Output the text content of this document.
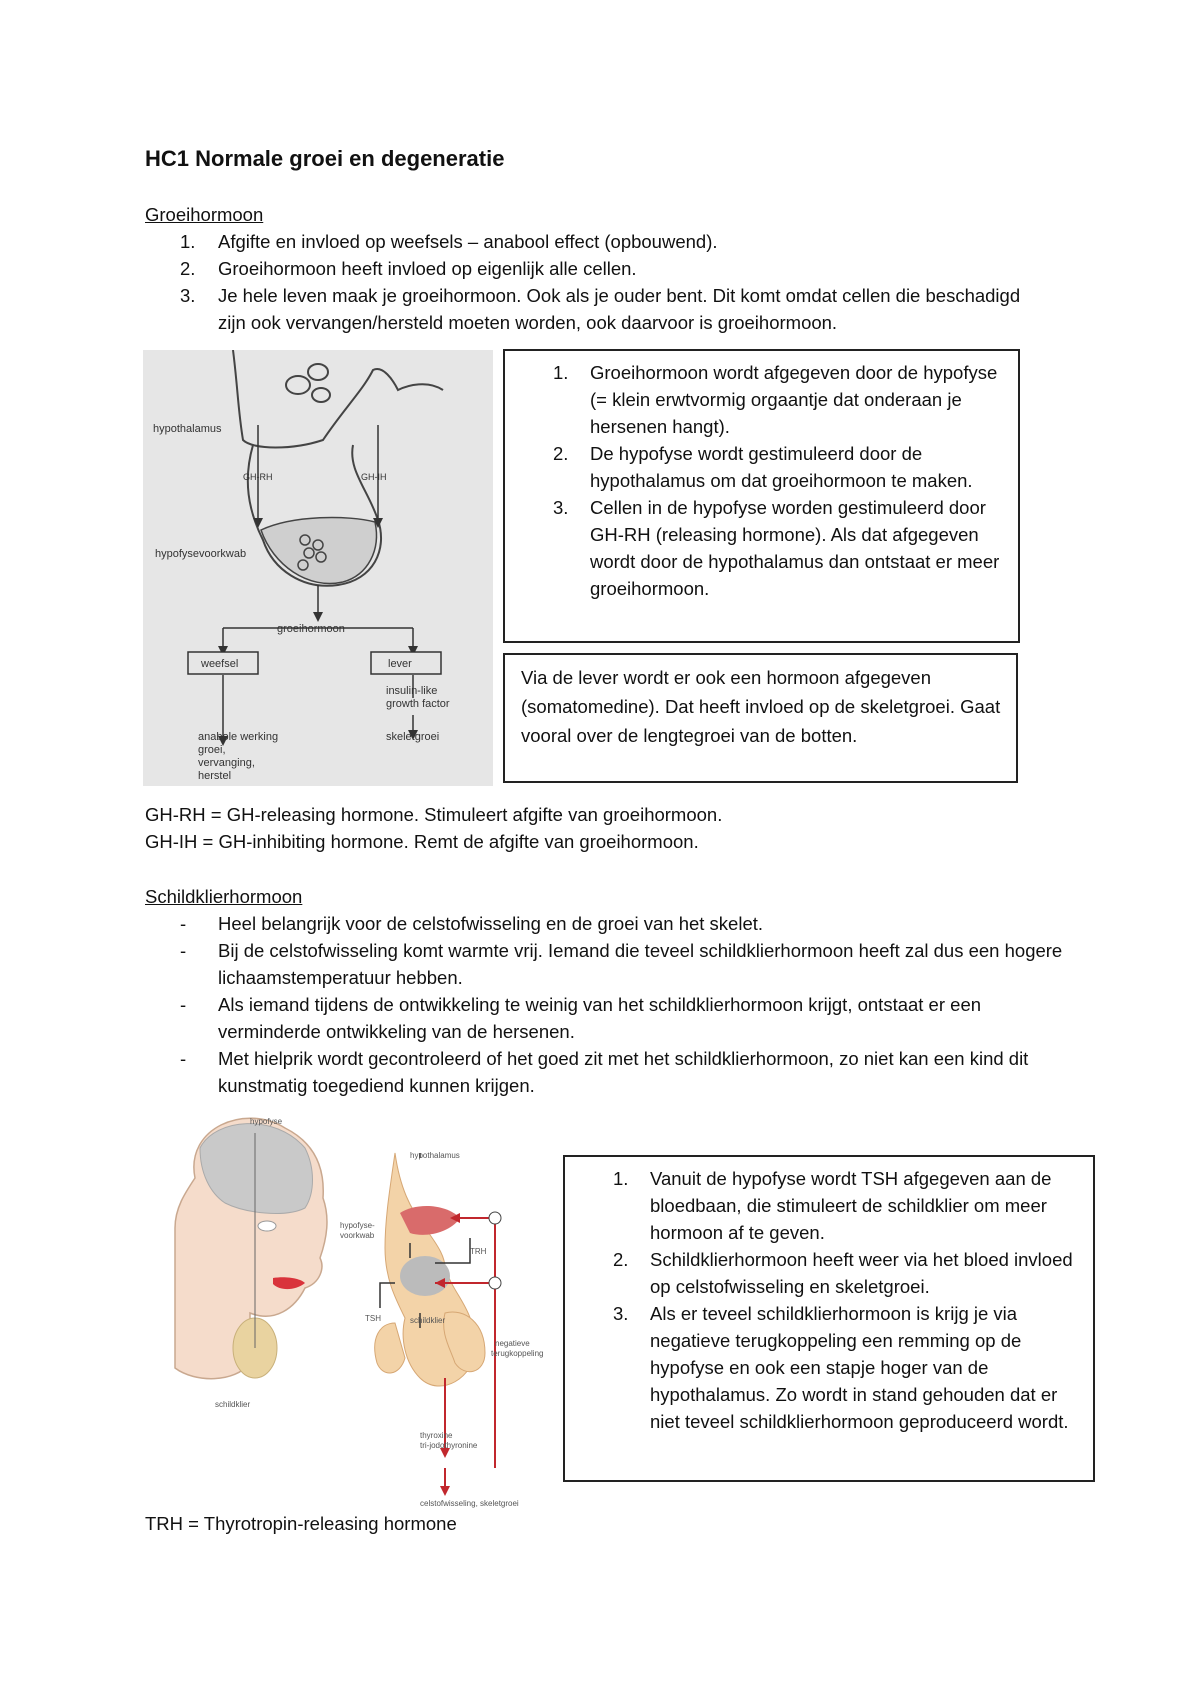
HC1 Normale groei en degeneratie
Groeihormoon
1. Afgifte en invloed op weefsels – anabool effect (opbouwend).
2. Groeihormoon heeft invloed op eigenlijk alle cellen.
3. Je hele leven maak je groeihormoon. Ook als je ouder bent. Dit komt omdat cellen die beschadigd zijn ook vervangen/hersteld moeten worden, ook daarvoor is groeihormoon.
hypothalamus
GH-RH	GH-IH
hypofysevoorkwab
groeihormoon
weefsel	lever
insulin-like
growth factor
anabole werking
groei,
vervanging,
herstel
skeletgroei
1. Groeihormoon wordt afgegeven door de hypofyse (= klein erwtvormig orgaantje dat onderaan je hersenen hangt).
2. De hypofyse wordt gestimuleerd door de hypothalamus om dat groeihormoon te maken.
3. Cellen in de hypofyse worden gestimuleerd door GH-RH (releasing hormone). Als dat afgegeven wordt door de hypothalamus dan ontstaat er meer groeihormoon.
Via de lever wordt er ook een hormoon afgegeven (somatomedine). Dat heeft invloed op de skeletgroei. Gaat vooral over de lengtegroei van de botten.
GH-RH = GH-releasing hormone. Stimuleert afgifte van groeihormoon.
GH-IH = GH-inhibiting hormone. Remt de afgifte van groeihormoon.
Schildklierhormoon
- Heel belangrijk voor de celstofwisseling en de groei van het skelet.
- Bij de celstofwisseling komt warmte vrij. Iemand die teveel schildklierhormoon heeft zal dus een hogere lichaamstemperatuur hebben.
- Als iemand tijdens de ontwikkeling te weinig van het schildklierhormoon krijgt, ontstaat er een verminderde ontwikkeling van de hersenen.
- Met hielprik wordt gecontroleerd of het goed zit met het schildklierhormoon, zo niet kan een kind dit kunstmatig toegediend kunnen krijgen.
hypofyse
schildklier
hypothalamus
hypofyse-
voorkwab
TRH
TSH	schildklier
negatieve
terugkoppeling
thyroxine
tri-jodothyronine
celstofwisseling, skeletgroei
1. Vanuit de hypofyse wordt TSH afgegeven aan de bloedbaan, die stimuleert de schildklier om meer hormoon af te geven.
2. Schildklierhormoon heeft weer via het bloed invloed op celstofwisseling en skeletgroei.
3. Als er teveel schildklierhormoon is krijg je via negatieve terugkoppeling een remming op de hypofyse en ook een stapje hoger van de hypothalamus. Zo wordt in stand gehouden dat er niet teveel schildklierhormoon geproduceerd wordt.
TRH = Thyrotropin-releasing hormone
